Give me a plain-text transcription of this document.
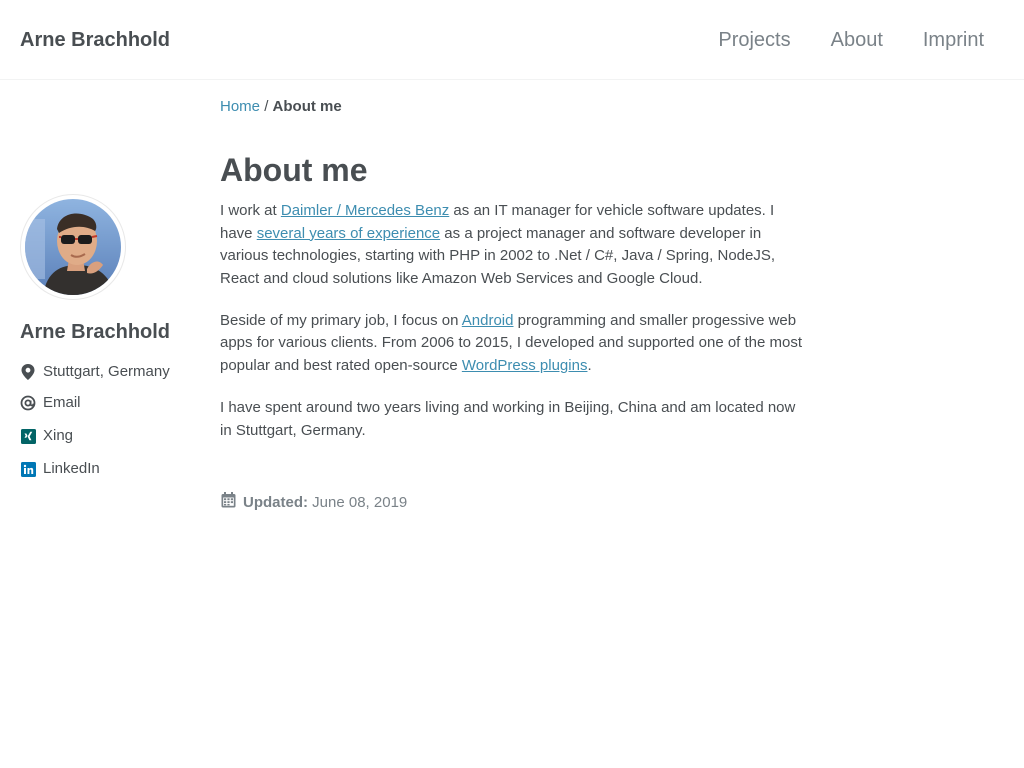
Arne Brachhold	Projects About Imprint
Home / About me
Arne Brachhold
Stuttgart, Germany
Email
Xing
LinkedIn
About me

I work at Daimler / Mercedes Benz as an IT manager for vehicle software updates. I have several years of experience as a project manager and software developer in various technologies, starting with PHP in 2002 to .Net / C#, Java / Spring, NodeJS, React and cloud solutions like Amazon Web Services and Google Cloud.

Beside of my primary job, I focus on Android programming and smaller progessive web apps for various clients. From 2006 to 2015, I developed and supported one of the most popular and best rated open-source WordPress plugins.

I have spent around two years living and working in Beijing, China and am located now in Stuttgart, Germany.

Updated: June 08, 2019
